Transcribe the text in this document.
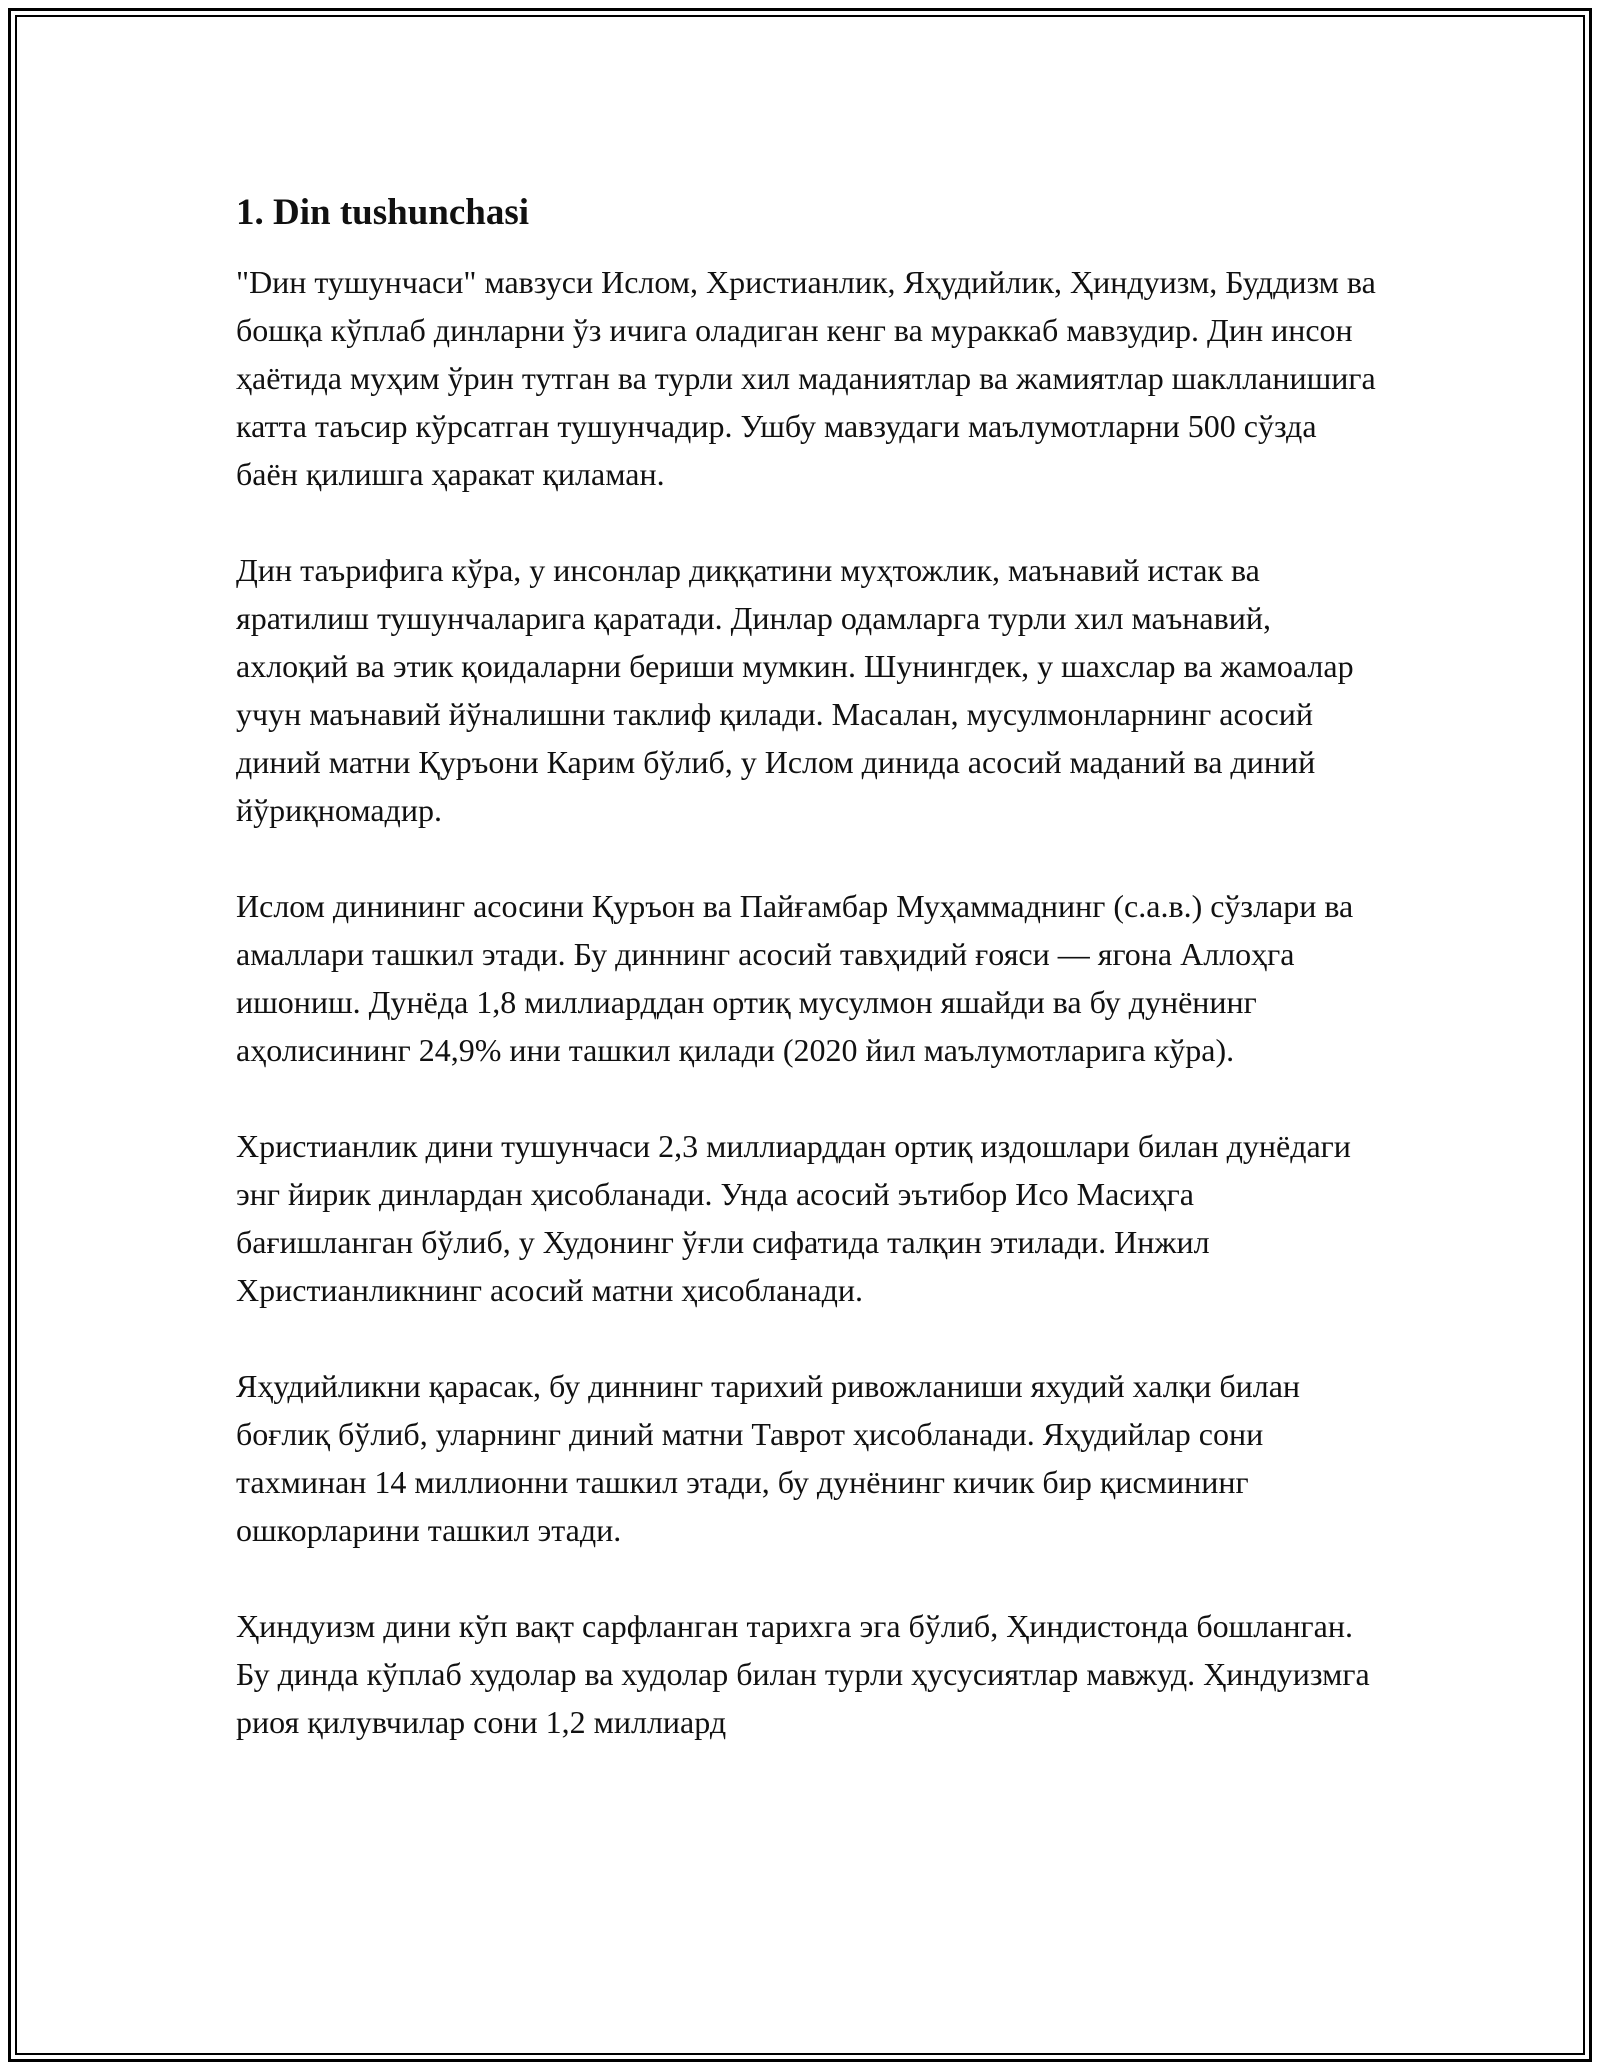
1. Din tushunchasi

"Dин тушунчаси" мавзуси Ислом, Христианлик, Яҳудийлик, Ҳиндуизм, Буддизм ва бошқа кўплаб динларни ўз ичига оладиган кенг ва мураккаб мавзудир. Дин инсон ҳаётида муҳим ўрин тутган ва турли хил маданиятлар ва жамиятлар шаклланишига катта таъсир кўрсатган тушунчадир. Ушбу мавзудаги маълумотларни 500 сўзда баён қилишга ҳаракат қиламан.

Дин таърифига кўра, у инсонлар диққатини муҳтожлик, маънавий истак ва яратилиш тушунчаларига қаратади. Динлар одамларга турли хил маънавий, ахлоқий ва этик қоидаларни бериши мумкин. Шунингдек, у шахслар ва жамоалар учун маънавий йўналишни таклиф қилади. Масалан, мусулмонларнинг асосий диний матни Қуръони Карим бўлиб, у Ислом динида асосий маданий ва диний йўриқномадир.

Ислом динининг асосини Қуръон ва Пайғамбар Муҳаммаднинг (с.а.в.) сўзлари ва амаллари ташкил этади. Бу диннинг асосий тавҳидий ғояси — ягона Аллоҳга ишониш. Дунёда 1,8 миллиарддан ортиқ мусулмон яшайди ва бу дунёнинг аҳолисининг 24,9% ини ташкил қилади (2020 йил маълумотларига кўра).

Христианлик дини тушунчаси 2,3 миллиарддан ортиқ издошлари билан дунёдаги энг йирик динлардан ҳисобланади. Унда асосий эътибор Исо Масиҳга бағишланган бўлиб, у Худонинг ўғли сифатида талқин этилади. Инжил Христианликнинг асосий матни ҳисобланади.

Яҳудийликни қарасак, бу диннинг тарихий ривожланиши яхудий халқи билан боғлиқ бўлиб, уларнинг диний матни Таврот ҳисобланади. Яҳудийлар сони тахминан 14 миллионни ташкил этади, бу дунёнинг кичик бир қисмининг ошкорларини ташкил этади.

Ҳиндуизм дини кўп вақт сарфланган тарихга эга бўлиб, Ҳиндистонда бошланган. Бу динда кўплаб худолар ва худолар билан турли ҳусусиятлар мавжуд. Ҳиндуизмга риоя қилувчилар сони 1,2 миллиард
